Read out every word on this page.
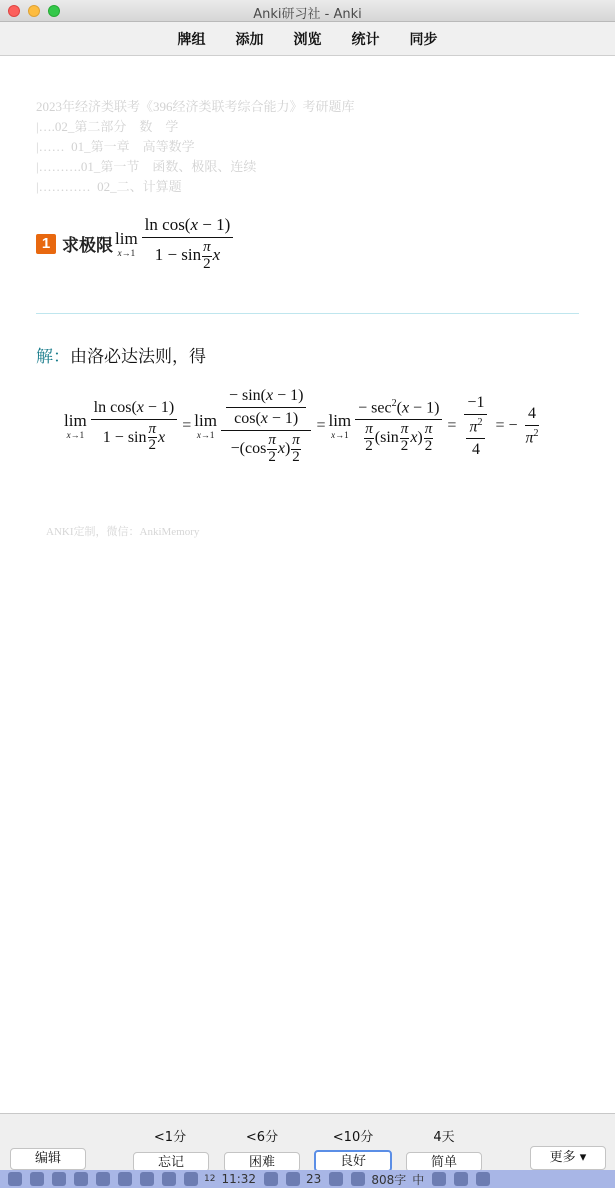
Anki研习社 - Anki
牌组	添加	浏览	统计	同步
2023年经济类联考《396经济类联考综合能力》考研题库
|….02_第二部分　数　学
|……  01_第一章　高等数学
|……….01_第一节　函数、极限、连续
|…………  02_二、计算题
1 求极限 lim
$x\to 1 \frac{\text{ln cos(x − 1)}}{1 - \sin \frac{\pi}{2} x}$
解：由洛必达法则，得
lim
$x\to 1 \frac{\text{ln cos(x − 1)}}{1 - \sin \frac{\pi}{2} x} = \lim$
$x\to 1 \frac{\frac{- \sin(x - 1)}{\cos(x - 1)}}{-(\cos \frac{\pi}{2} x) \frac{\pi}{2}} = \lim$
$x\to 1 \frac{- \sec^2(x - 1)}{\frac{\pi}{2} (\sin \frac{\pi}{2} x) \frac{\pi}{2}} = \frac{-1}{\frac{\pi^2}{4}}$ = − $\frac{4}{\pi^2}$
ANKI定制，微信：AnkiMemory
编辑
<1分
忘记
<6分
困难
<10分
良好
4天
简单	更多 ▾
12 11:32	23	808字 中
